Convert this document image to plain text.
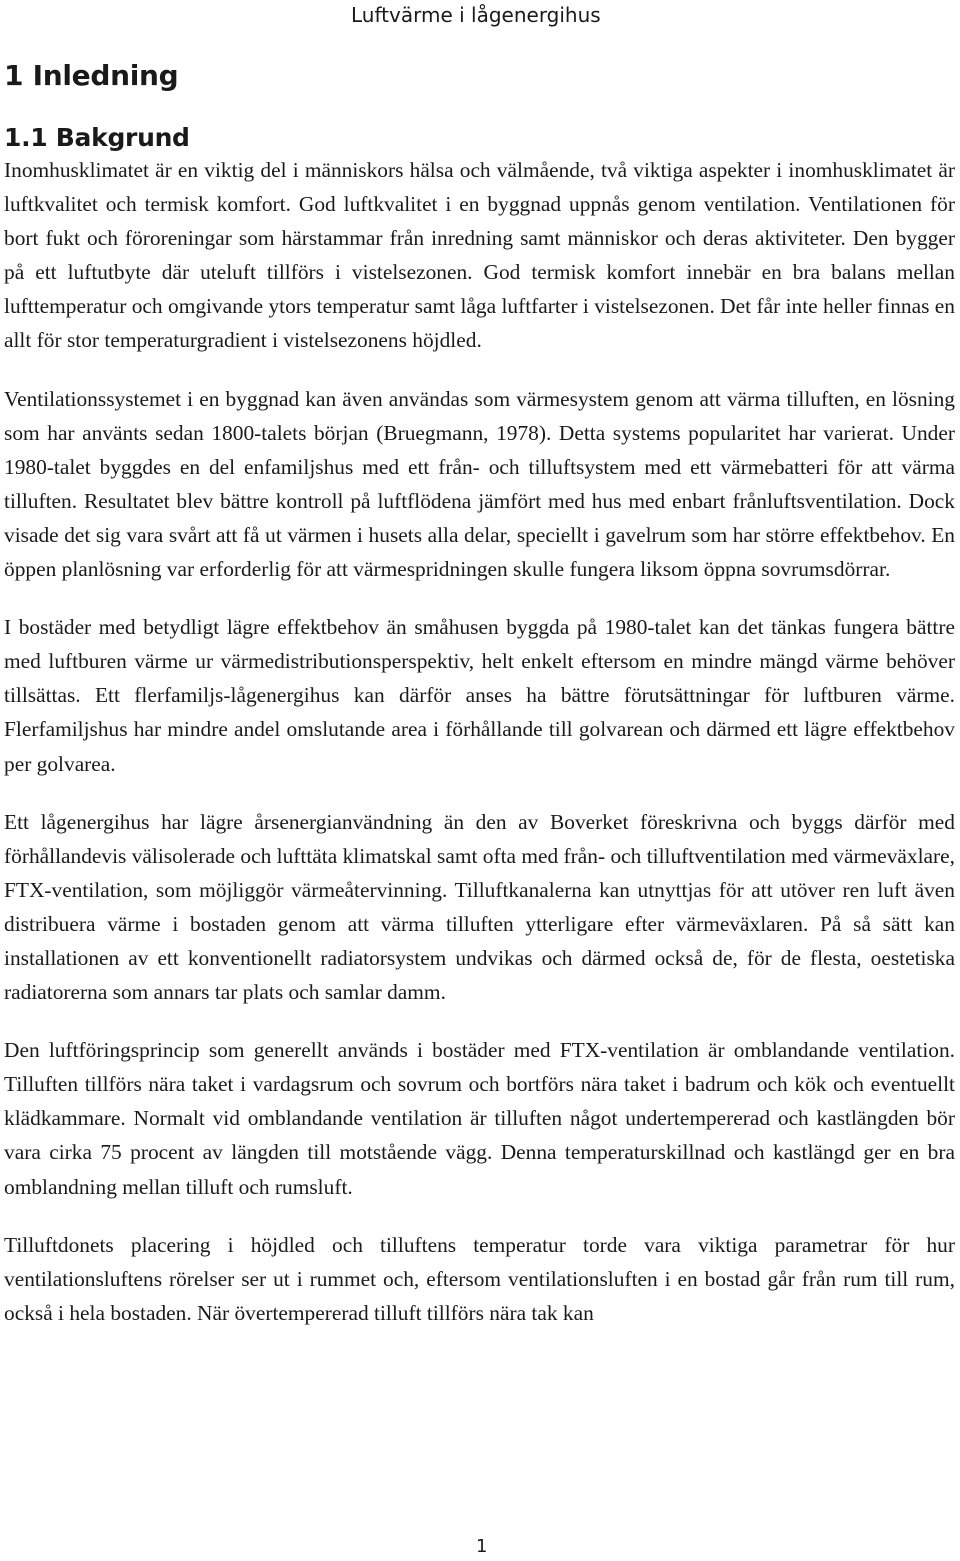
Luftvärme i lågenergihus
1 Inledning
1.1 Bakgrund

Inomhusklimatet är en viktig del i människors hälsa och välmående, två viktiga aspekter i inomhusklimatet är luftkvalitet och termisk komfort. God luftkvalitet i en byggnad uppnås genom ventilation. Ventilationen för bort fukt och föroreningar som härstammar från inredning samt människor och deras aktiviteter. Den bygger på ett luftutbyte där uteluft tillförs i vistelsezonen. God termisk komfort innebär en bra balans mellan lufttemperatur och omgivande ytors temperatur samt låga luftfarter i vistelsezonen. Det får inte heller finnas en allt för stor temperaturgradient i vistelsezonens höjdled.

Ventilationssystemet i en byggnad kan även användas som värmesystem genom att värma tilluften, en lösning som har använts sedan 1800-talets början (Bruegmann, 1978). Detta systems popularitet har varierat. Under 1980-talet byggdes en del enfamiljshus med ett från- och tilluftsystem med ett värmebatteri för att värma tilluften. Resultatet blev bättre kontroll på luftflödena jämfört med hus med enbart frånluftsventilation. Dock visade det sig vara svårt att få ut värmen i husets alla delar, speciellt i gavelrum som har större effektbehov. En öppen planlösning var erforderlig för att värmespridningen skulle fungera liksom öppna sovrumsdörrar.

I bostäder med betydligt lägre effektbehov än småhusen byggda på 1980-talet kan det tänkas fungera bättre med luftburen värme ur värmedistributionsperspektiv, helt enkelt eftersom en mindre mängd värme behöver tillsättas. Ett flerfamiljs-lågenergihus kan därför anses ha bättre förutsättningar för luftburen värme. Flerfamiljshus har mindre andel omslutande area i förhållande till golvarean och därmed ett lägre effektbehov per golvarea.

Ett lågenergihus har lägre årsenergianvändning än den av Boverket föreskrivna och byggs därför med förhållandevis välisolerade och lufttäta klimatskal samt ofta med från- och tilluftventilation med värmeväxlare, FTX-ventilation, som möjliggör värmeåtervinning. Tilluftkanalerna kan utnyttjas för att utöver ren luft även distribuera värme i bostaden genom att värma tilluften ytterligare efter värmeväxlaren. På så sätt kan installationen av ett konventionellt radiatorsystem undvikas och därmed också de, för de flesta, oestetiska radiatorerna som annars tar plats och samlar damm.

Den luftföringsprincip som generellt används i bostäder med FTX-ventilation är omblandande ventilation. Tilluften tillförs nära taket i vardagsrum och sovrum och bortförs nära taket i badrum och kök och eventuellt klädkammare. Normalt vid omblandande ventilation är tilluften något undertempererad och kastlängden bör vara cirka 75 procent av längden till motstående vägg. Denna temperaturskillnad och kastlängd ger en bra omblandning mellan tilluft och rumsluft.

Tilluftdonets placering i höjdled och tilluftens temperatur torde vara viktiga parametrar för hur ventilationsluftens rörelser ser ut i rummet och, eftersom ventilationsluften i en bostad går från rum till rum, också i hela bostaden. När övertempererad tilluft tillförs nära tak kan

1
